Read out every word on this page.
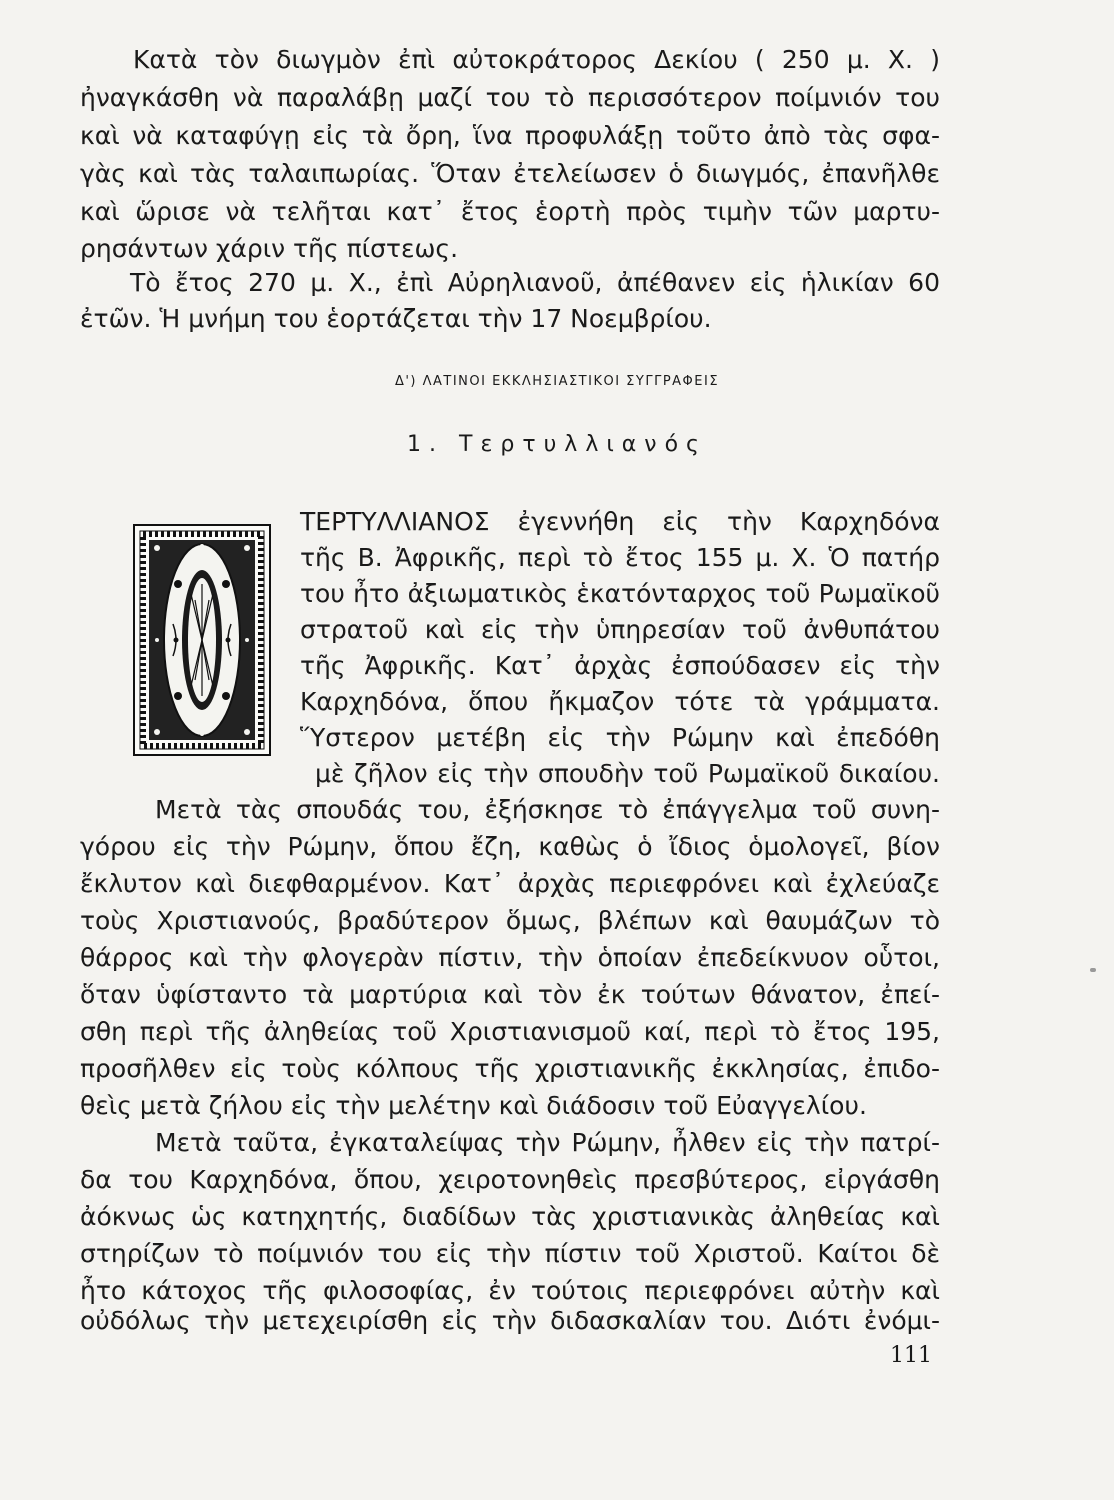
Κατὰ τὸν διωγμὸν ἐπὶ αὐτοκράτορος Δεκίου ( 250 μ. Χ. )
ἠναγκάσθη νὰ παραλάβῃ μαζί του τὸ περισσότερον ποίμνιόν του
καὶ νὰ καταφύγῃ εἰς τὰ ὄρη, ἵνα προφυλάξῃ τοῦτο ἀπὸ τὰς σφα-
γὰς καὶ τὰς ταλαιπωρίας. Ὅταν ἐτελείωσεν ὁ διωγμός, ἐπανῆλθε
καὶ ὥρισε νὰ τελῆται κατ᾽ ἔτος ἑορτὴ πρὸς τιμὴν τῶν μαρτυ-
ρησάντων χάριν τῆς πίστεως.
Τὸ ἔτος 270 μ. Χ., ἐπὶ Αὐρηλιανοῦ, ἀπέθανεν εἰς ἡλικίαν 60
ἐτῶν. Ἡ μνήμη του ἑορτάζεται τὴν 17 Νοεμβρίου.
Δ') ΛΑΤΙΝΟΙ ΕΚΚΛΗΣΙΑΣΤΙΚΟΙ ΣΥΓΓΡΑΦΕΙΣ
1. Τερτυλλιανός
ΤΕΡΤΥΛΛΙΑΝΟΣ ἐγεννήθη εἰς τὴν Καρχηδόνα
τῆς Β. Ἀφρικῆς, περὶ τὸ ἔτος 155 μ. Χ. Ὁ πατήρ
του ἦτο ἀξιωματικὸς ἑκατόνταρχος τοῦ Ρωμαϊκοῦ
στρατοῦ καὶ εἰς τὴν ὑπηρεσίαν τοῦ ἀνθυπάτου
τῆς Ἀφρικῆς. Κατ᾽ ἀρχὰς ἐσπούδασεν εἰς τὴν
Καρχηδόνα, ὅπου ἤκμαζον τότε τὰ γράμματα.
Ὕστερον μετέβη εἰς τὴν Ρώμην καὶ ἐπεδόθη
μὲ ζῆλον εἰς τὴν σπουδὴν τοῦ Ρωμαϊκοῦ δικαίου.
Μετὰ τὰς σπουδάς του, ἐξήσκησε τὸ ἐπάγγελμα τοῦ συνη-
γόρου εἰς τὴν Ρώμην, ὅπου ἔζη, καθὼς ὁ ἴδιος ὁμολογεῖ, βίον
ἔκλυτον καὶ διεφθαρμένον. Κατ᾽ ἀρχὰς περιεφρόνει καὶ ἐχλεύαζε
τοὺς Χριστιανούς, βραδύτερον ὅμως, βλέπων καὶ θαυμάζων τὸ
θάρρος καὶ τὴν φλογερὰν πίστιν, τὴν ὁποίαν ἐπεδείκνυον οὗτοι,
ὅταν ὑφίσταντο τὰ μαρτύρια καὶ τὸν ἐκ τούτων θάνατον, ἐπεί-
σθη περὶ τῆς ἀληθείας τοῦ Χριστιανισμοῦ καί, περὶ τὸ ἔτος 195,
προσῆλθεν εἰς τοὺς κόλπους τῆς χριστιανικῆς ἐκκλησίας, ἐπιδο-
θεὶς μετὰ ζήλου εἰς τὴν μελέτην καὶ διάδοσιν τοῦ Εὐαγγελίου.
Μετὰ ταῦτα, ἐγκαταλείψας τὴν Ρώμην, ἦλθεν εἰς τὴν πατρί-
δα του Καρχηδόνα, ὅπου, χειροτονηθεὶς πρεσβύτερος, εἰργάσθη
ἀόκνως ὡς κατηχητής, διαδίδων τὰς χριστιανικὰς ἀληθείας καὶ
στηρίζων τὸ ποίμνιόν του εἰς τὴν πίστιν τοῦ Χριστοῦ. Καίτοι δὲ
ἦτο κάτοχος τῆς φιλοσοφίας, ἐν τούτοις περιεφρόνει αὐτὴν καὶ
οὐδόλως τὴν μετεχειρίσθη εἰς τὴν διδασκαλίαν του. Διότι ἐνόμι-
111
